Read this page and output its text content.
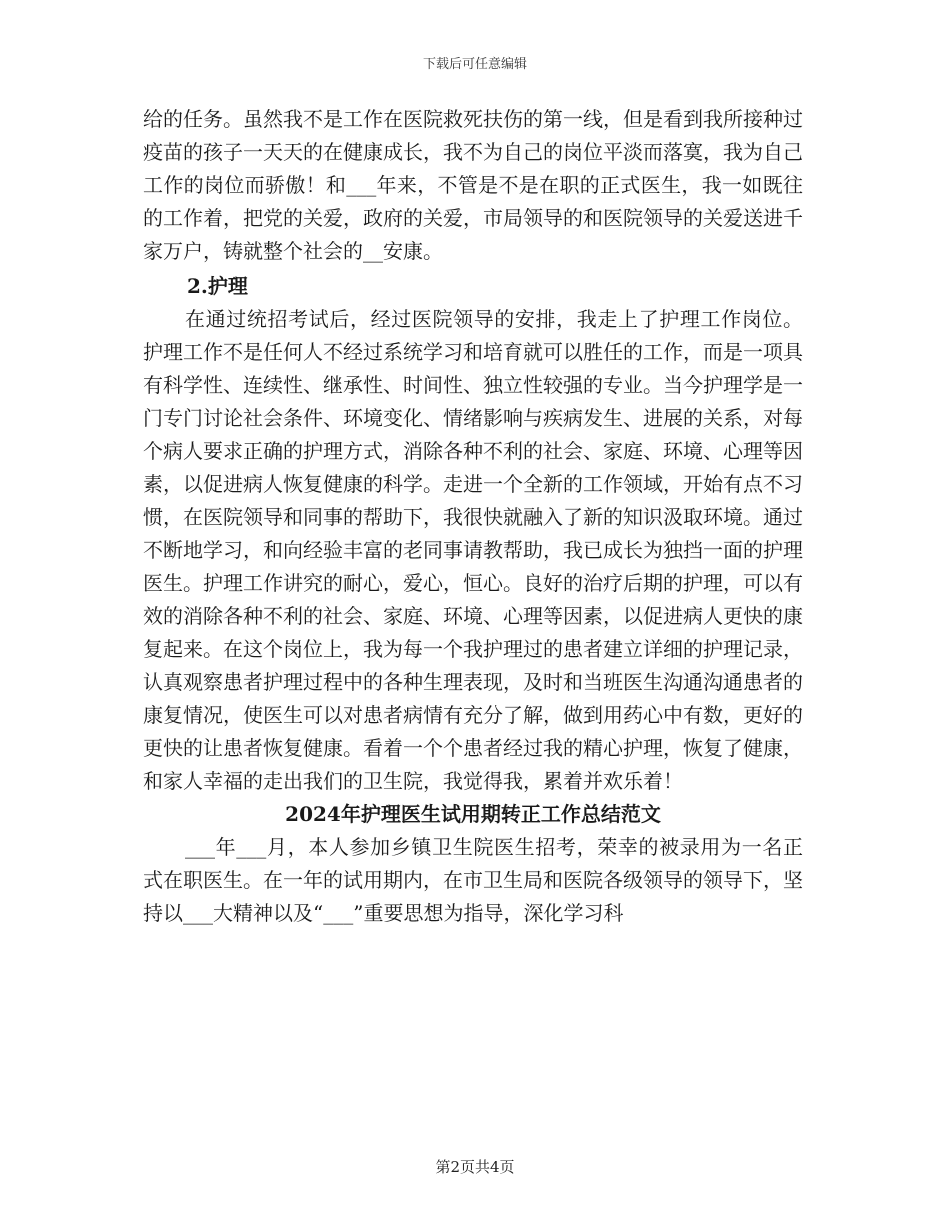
下载后可任意编辑

给的任务。虽然我不是工作在医院救死扶伤的第一线，但是看到我所接种过疫苗的孩子一天天的在健康成长，我不为自己的岗位平淡而落寞，我为自己工作的岗位而骄傲！和___年来，不管是不是在职的正式医生，我一如既往的工作着，把党的关爱，政府的关爱，市局领导的和医院领导的关爱送进千家万户，铸就整个社会的__安康。

2.护理

在通过统招考试后，经过医院领导的安排，我走上了护理工作岗位。护理工作不是任何人不经过系统学习和培育就可以胜任的工作，而是一项具有科学性、连续性、继承性、时间性、独立性较强的专业。当今护理学是一门专门讨论社会条件、环境变化、情绪影响与疾病发生、进展的关系，对每个病人要求正确的护理方式，消除各种不利的社会、家庭、环境、心理等因素，以促进病人恢复健康的科学。走进一个全新的工作领域，开始有点不习惯，在医院领导和同事的帮助下，我很快就融入了新的知识汲取环境。通过不断地学习，和向经验丰富的老同事请教帮助，我已成长为独挡一面的护理医生。护理工作讲究的耐心，爱心，恒心。良好的治疗后期的护理，可以有效的消除各种不利的社会、家庭、环境、心理等因素，以促进病人更快的康复起来。在这个岗位上，我为每一个我护理过的患者建立详细的护理记录，认真观察患者护理过程中的各种生理表现，及时和当班医生沟通沟通患者的康复情况，使医生可以对患者病情有充分了解，做到用药心中有数，更好的更快的让患者恢复健康。看着一个个患者经过我的精心护理，恢复了健康，和家人幸福的走出我们的卫生院，我觉得我，累着并欢乐着！

2024年护理医生试用期转正工作总结范文

___年___月，本人参加乡镇卫生院医生招考，荣幸的被录用为一名正式在职医生。在一年的试用期内，在市卫生局和医院各级领导的领导下，坚持以___大精神以及“___”重要思想为指导，深化学习科

第2页共4页
